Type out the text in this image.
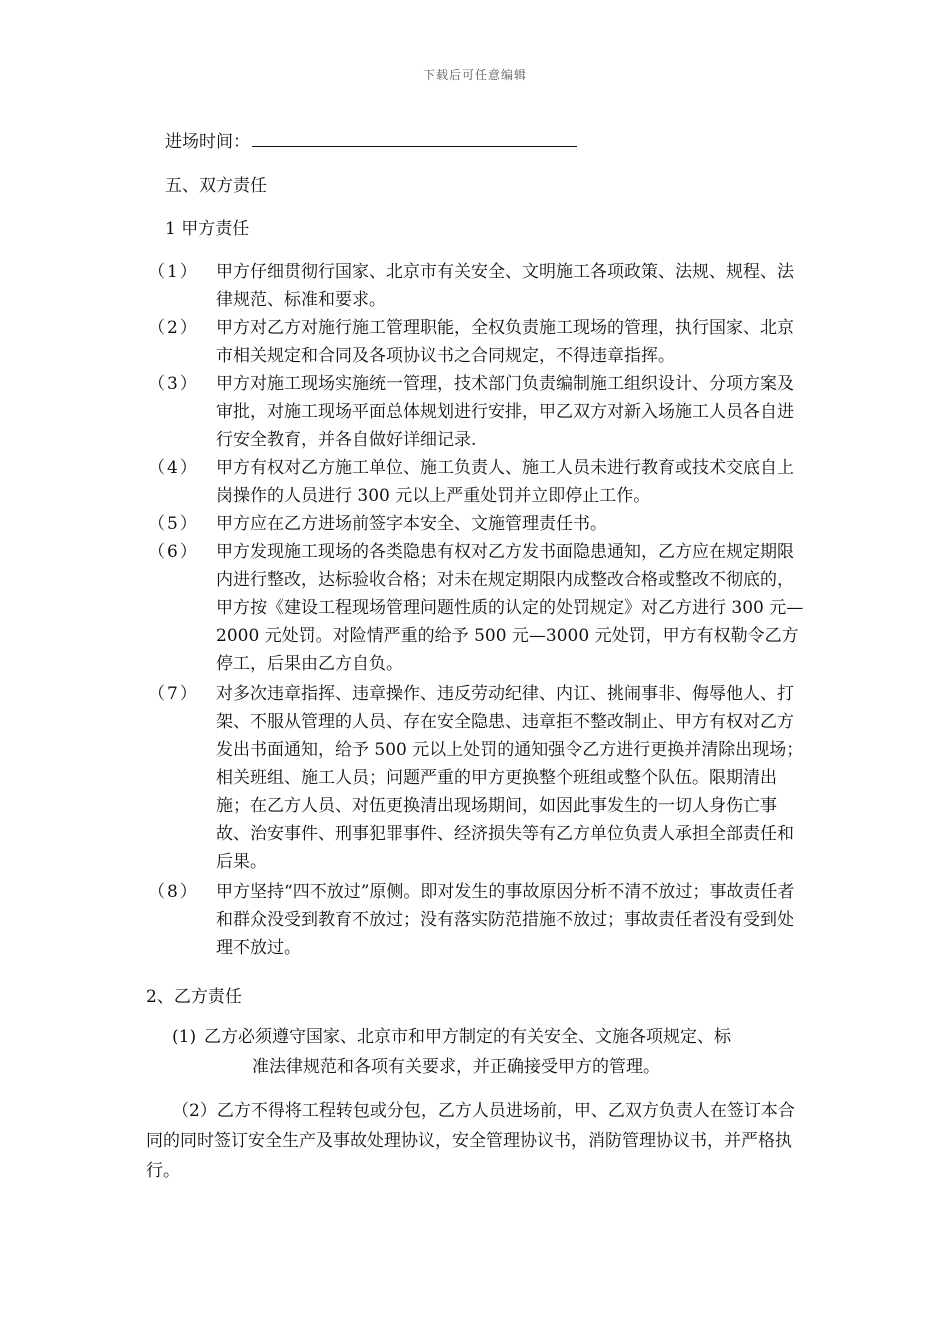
下载后可任意编辑
进场时间：
五、双方责任
1 甲方责任
（1）	甲方仔细贯彻行国家、北京市有关安全、文明施工各项政策、法规、规程、法律规范、标准和要求。
（2）	甲方对乙方对施行施工管理职能，全权负责施工现场的管理，执行国家、北京市相关规定和合同及各项协议书之合同规定，不得违章指挥。
（3）	甲方对施工现场实施统一管理，技术部门负责编制施工组织设计、分项方案及审批，对施工现场平面总体规划进行安排，甲乙双方对新入场施工人员各自进行安全教育，并各自做好详细记录.
（4）	甲方有权对乙方施工单位、施工负责人、施工人员未进行教育或技术交底自上岗操作的人员进行 300 元以上严重处罚并立即停止工作。
（5）	甲方应在乙方进场前签字本安全、文施管理责任书。
（6）	甲方发现施工现场的各类隐患有权对乙方发书面隐患通知，乙方应在规定期限内进行整改，达标验收合格；对未在规定期限内成整改合格或整改不彻底的，甲方按《建设工程现场管理问题性质的认定的处罚规定》对乙方进行 300 元—2000 元处罚。对险情严重的给予 500 元—3000 元处罚，甲方有权勒令乙方停工，后果由乙方自负。
（7）	对多次违章指挥、违章操作、违反劳动纪律、内讧、挑闹事非、侮辱他人、打架、不服从管理的人员、存在安全隐患、违章拒不整改制止、甲方有权对乙方发出书面通知，给予 500 元以上处罚的通知强令乙方进行更换并清除出现场；相关班组、施工人员；问题严重的甲方更换整个班组或整个队伍。限期清出施；在乙方人员、对伍更换清出现场期间，如因此事发生的一切人身伤亡事故、治安事件、刑事犯罪事件、经济损失等有乙方单位负责人承担全部责任和后果。
（8）	甲方坚持“四不放过”原侧。即对发生的事故原因分析不清不放过；事故责任者和群众没受到教育不放过；没有落实防范措施不放过；事故责任者没有受到处理不放过。
2、乙方责任
(1) 乙方必须遵守国家、北京市和甲方制定的有关安全、文施各项规定、标
准法律规范和各项有关要求，并正确接受甲方的管理。
（2）乙方不得将工程转包或分包，乙方人员进场前，甲、乙双方负责人在签订本合同的同时签订安全生产及事故处理协议，安全管理协议书，消防管理协议书，并严格执行。
